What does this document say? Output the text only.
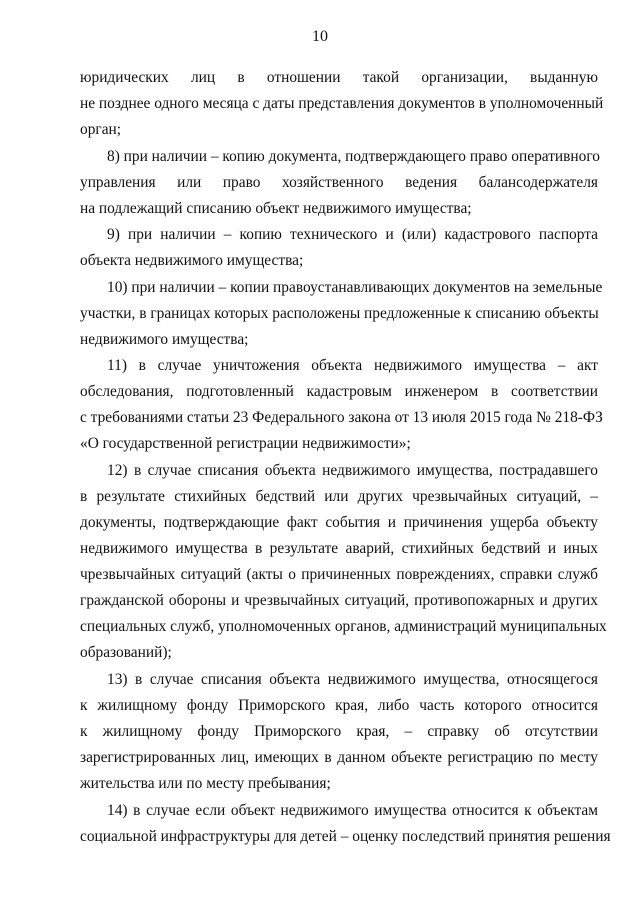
10
юридических лиц в отношении такой организации, выданную
не позднее одного месяца с даты представления документов в уполномоченный
орган;
8) при наличии – копию документа, подтверждающего право оперативного
управления или право хозяйственного ведения балансодержателя
на подлежащий списанию объект недвижимого имущества;
9) при наличии – копию технического и (или) кадастрового паспорта
объекта недвижимого имущества;
10) при наличии – копии правоустанавливающих документов на земельные
участки, в границах которых расположены предложенные к списанию объекты
недвижимого имущества;
11) в случае уничтожения объекта недвижимого имущества – акт
обследования, подготовленный кадастровым инженером в соответствии
с требованиями статьи 23 Федерального закона от 13 июля 2015 года № 218-ФЗ
«О государственной регистрации недвижимости»;
12) в случае списания объекта недвижимого имущества, пострадавшего
в результате стихийных бедствий или других чрезвычайных ситуаций, –
документы, подтверждающие факт события и причинения ущерба объекту
недвижимого имущества в результате аварий, стихийных бедствий и иных
чрезвычайных ситуаций (акты о причиненных повреждениях, справки служб
гражданской обороны и чрезвычайных ситуаций, противопожарных и других
специальных служб, уполномоченных органов, администраций муниципальных
образований);
13) в случае списания объекта недвижимого имущества, относящегося
к жилищному фонду Приморского края, либо часть которого относится
к жилищному фонду Приморского края, – справку об отсутствии
зарегистрированных лиц, имеющих в данном объекте регистрацию по месту
жительства или по месту пребывания;
14) в случае если объект недвижимого имущества относится к объектам
социальной инфраструктуры для детей – оценку последствий принятия решения
